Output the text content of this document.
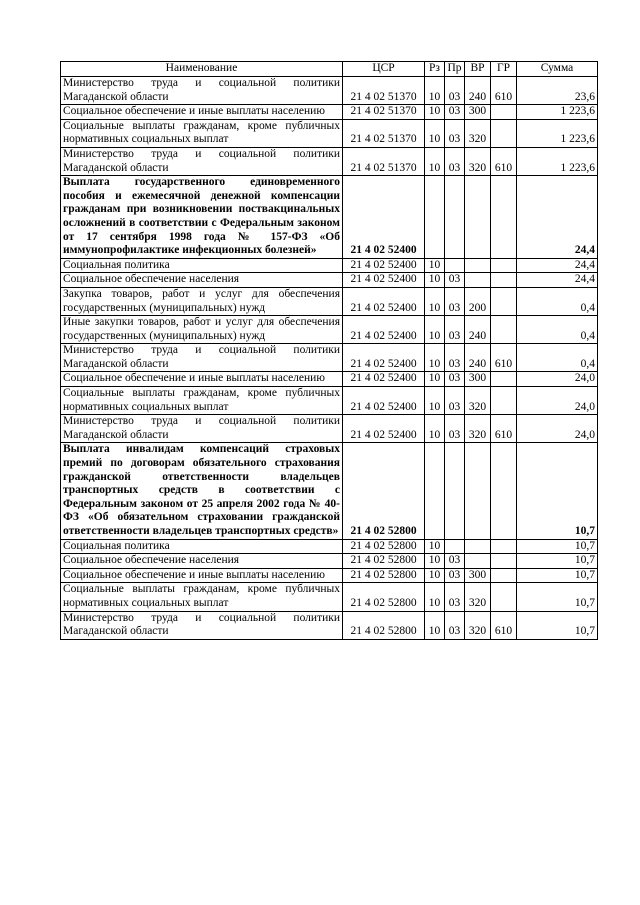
Наименование	ЦСР	Рз	Пр	ВР	ГР	Сумма
Министерство труда и социальной политики Магаданской области	21 4 02 51370	10	03	240	610	23,6
Социальное обеспечение и иные выплаты населению	21 4 02 51370	10	03	300		1 223,6
Социальные выплаты гражданам, кроме публичных нормативных социальных выплат	21 4 02 51370	10	03	320		1 223,6
Министерство труда и социальной политики Магаданской области	21 4 02 51370	10	03	320	610	1 223,6
Выплата государственного единовременного пособия и ежемесячной денежной компенсации гражданам при возникновении поствакцинальных осложнений в соответствии с Федеральным законом от 17 сентября 1998 года № 157-ФЗ «Об иммунопрофилактике инфекционных болезней»	21 4 02 52400					24,4
Социальная политика	21 4 02 52400	10				24,4
Социальное обеспечение населения	21 4 02 52400	10	03			24,4
Закупка товаров, работ и услуг для обеспечения государственных (муниципальных) нужд	21 4 02 52400	10	03	200		0,4
Иные закупки товаров, работ и услуг для обеспечения государственных (муниципальных) нужд	21 4 02 52400	10	03	240		0,4
Министерство труда и социальной политики Магаданской области	21 4 02 52400	10	03	240	610	0,4
Социальное обеспечение и иные выплаты населению	21 4 02 52400	10	03	300		24,0
Социальные выплаты гражданам, кроме публичных нормативных социальных выплат	21 4 02 52400	10	03	320		24,0
Министерство труда и социальной политики Магаданской области	21 4 02 52400	10	03	320	610	24,0
Выплата инвалидам компенсаций страховых премий по договорам обязательного страхования гражданской ответственности владельцев транспортных средств в соответствии с Федеральным законом от 25 апреля 2002 года № 40-ФЗ «Об обязательном страховании гражданской ответственности владельцев транспортных средств»	21 4 02 52800					10,7
Социальная политика	21 4 02 52800	10				10,7
Социальное обеспечение населения	21 4 02 52800	10	03			10,7
Социальное обеспечение и иные выплаты населению	21 4 02 52800	10	03	300		10,7
Социальные выплаты гражданам, кроме публичных нормативных социальных выплат	21 4 02 52800	10	03	320		10,7
Министерство труда и социальной политики Магаданской области	21 4 02 52800	10	03	320	610	10,7
